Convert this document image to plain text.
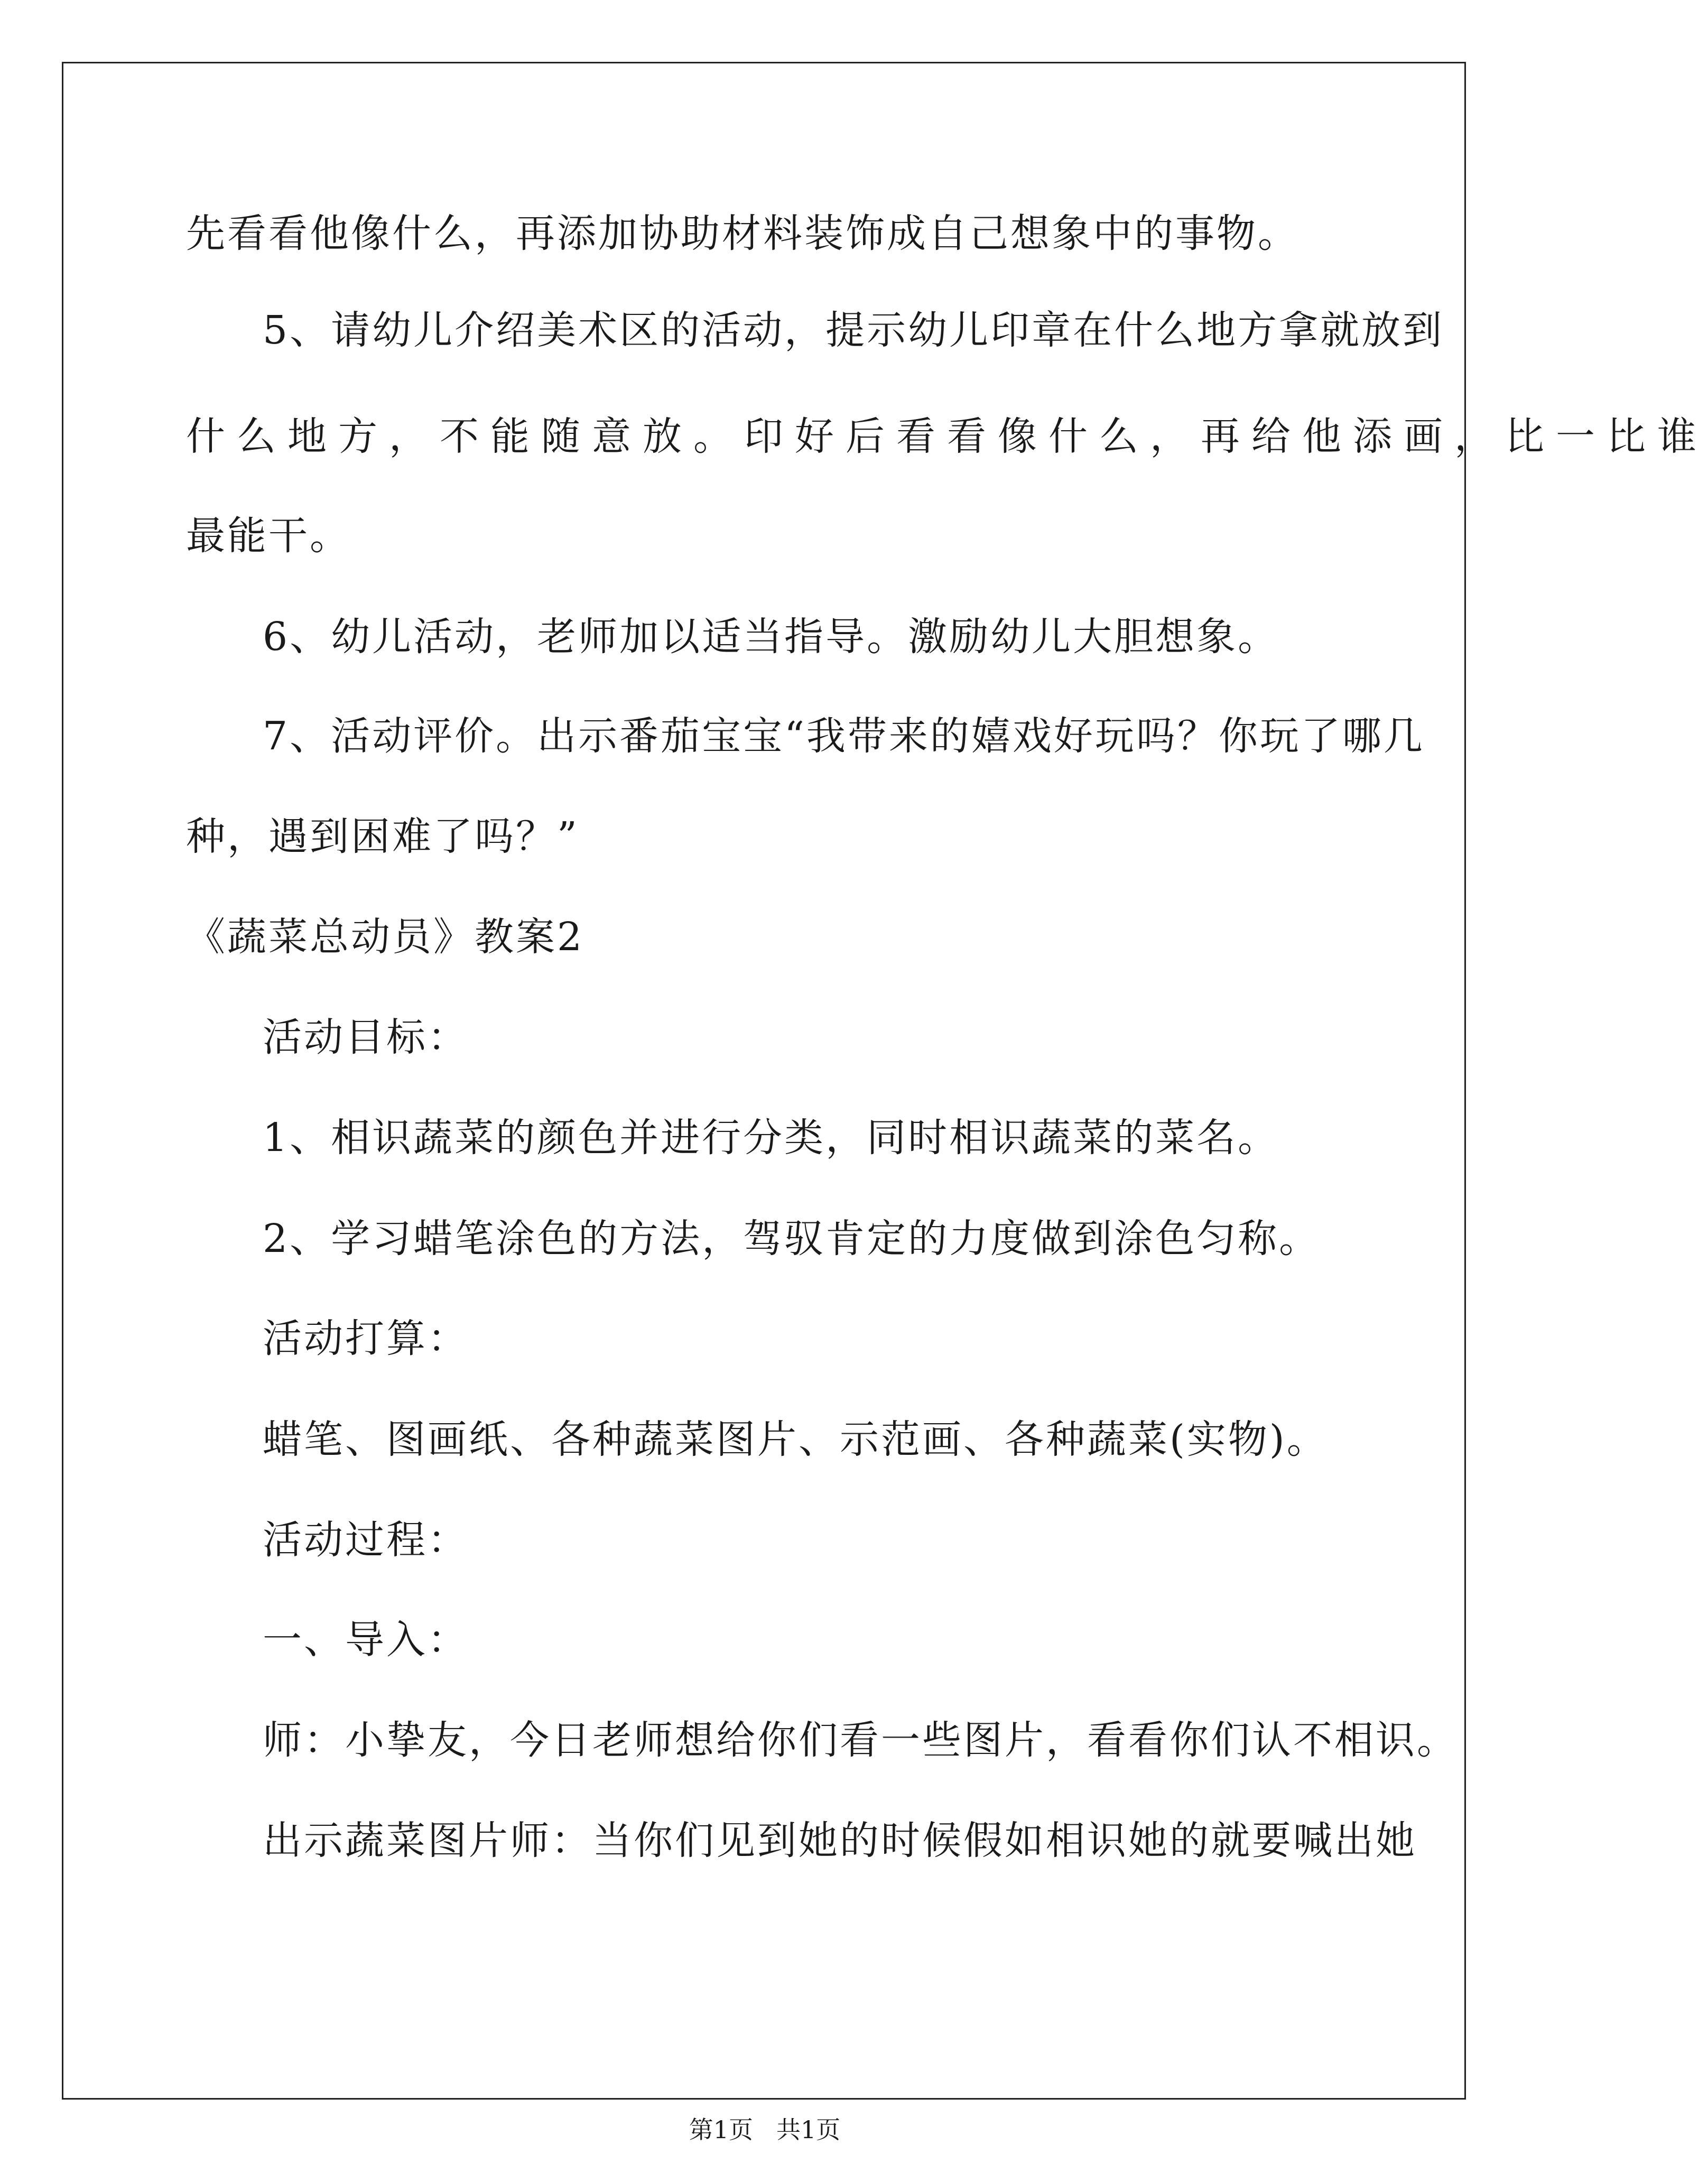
先看看他像什么，再添加协助材料装饰成自己想象中的事物。
5、请幼儿介绍美术区的活动，提示幼儿印章在什么地方拿就放到
什么地方，不能随意放。印好后看看像什么，再给他添画，比一比谁
最能干。
6、幼儿活动，老师加以适当指导。激励幼儿大胆想象。
7、活动评价。出示番茄宝宝“我带来的嬉戏好玩吗？你玩了哪几
种，遇到困难了吗？”
《蔬菜总动员》教案2
活动目标：
1、相识蔬菜的颜色并进行分类，同时相识蔬菜的菜名。
2、学习蜡笔涂色的方法，驾驭肯定的力度做到涂色匀称。
活动打算：
蜡笔、图画纸、各种蔬菜图片、示范画、各种蔬菜(实物)。
活动过程：
一、导入：
师：小挚友，今日老师想给你们看一些图片，看看你们认不相识。
出示蔬菜图片师：当你们见到她的时候假如相识她的就要喊出她
第1页 共1页
